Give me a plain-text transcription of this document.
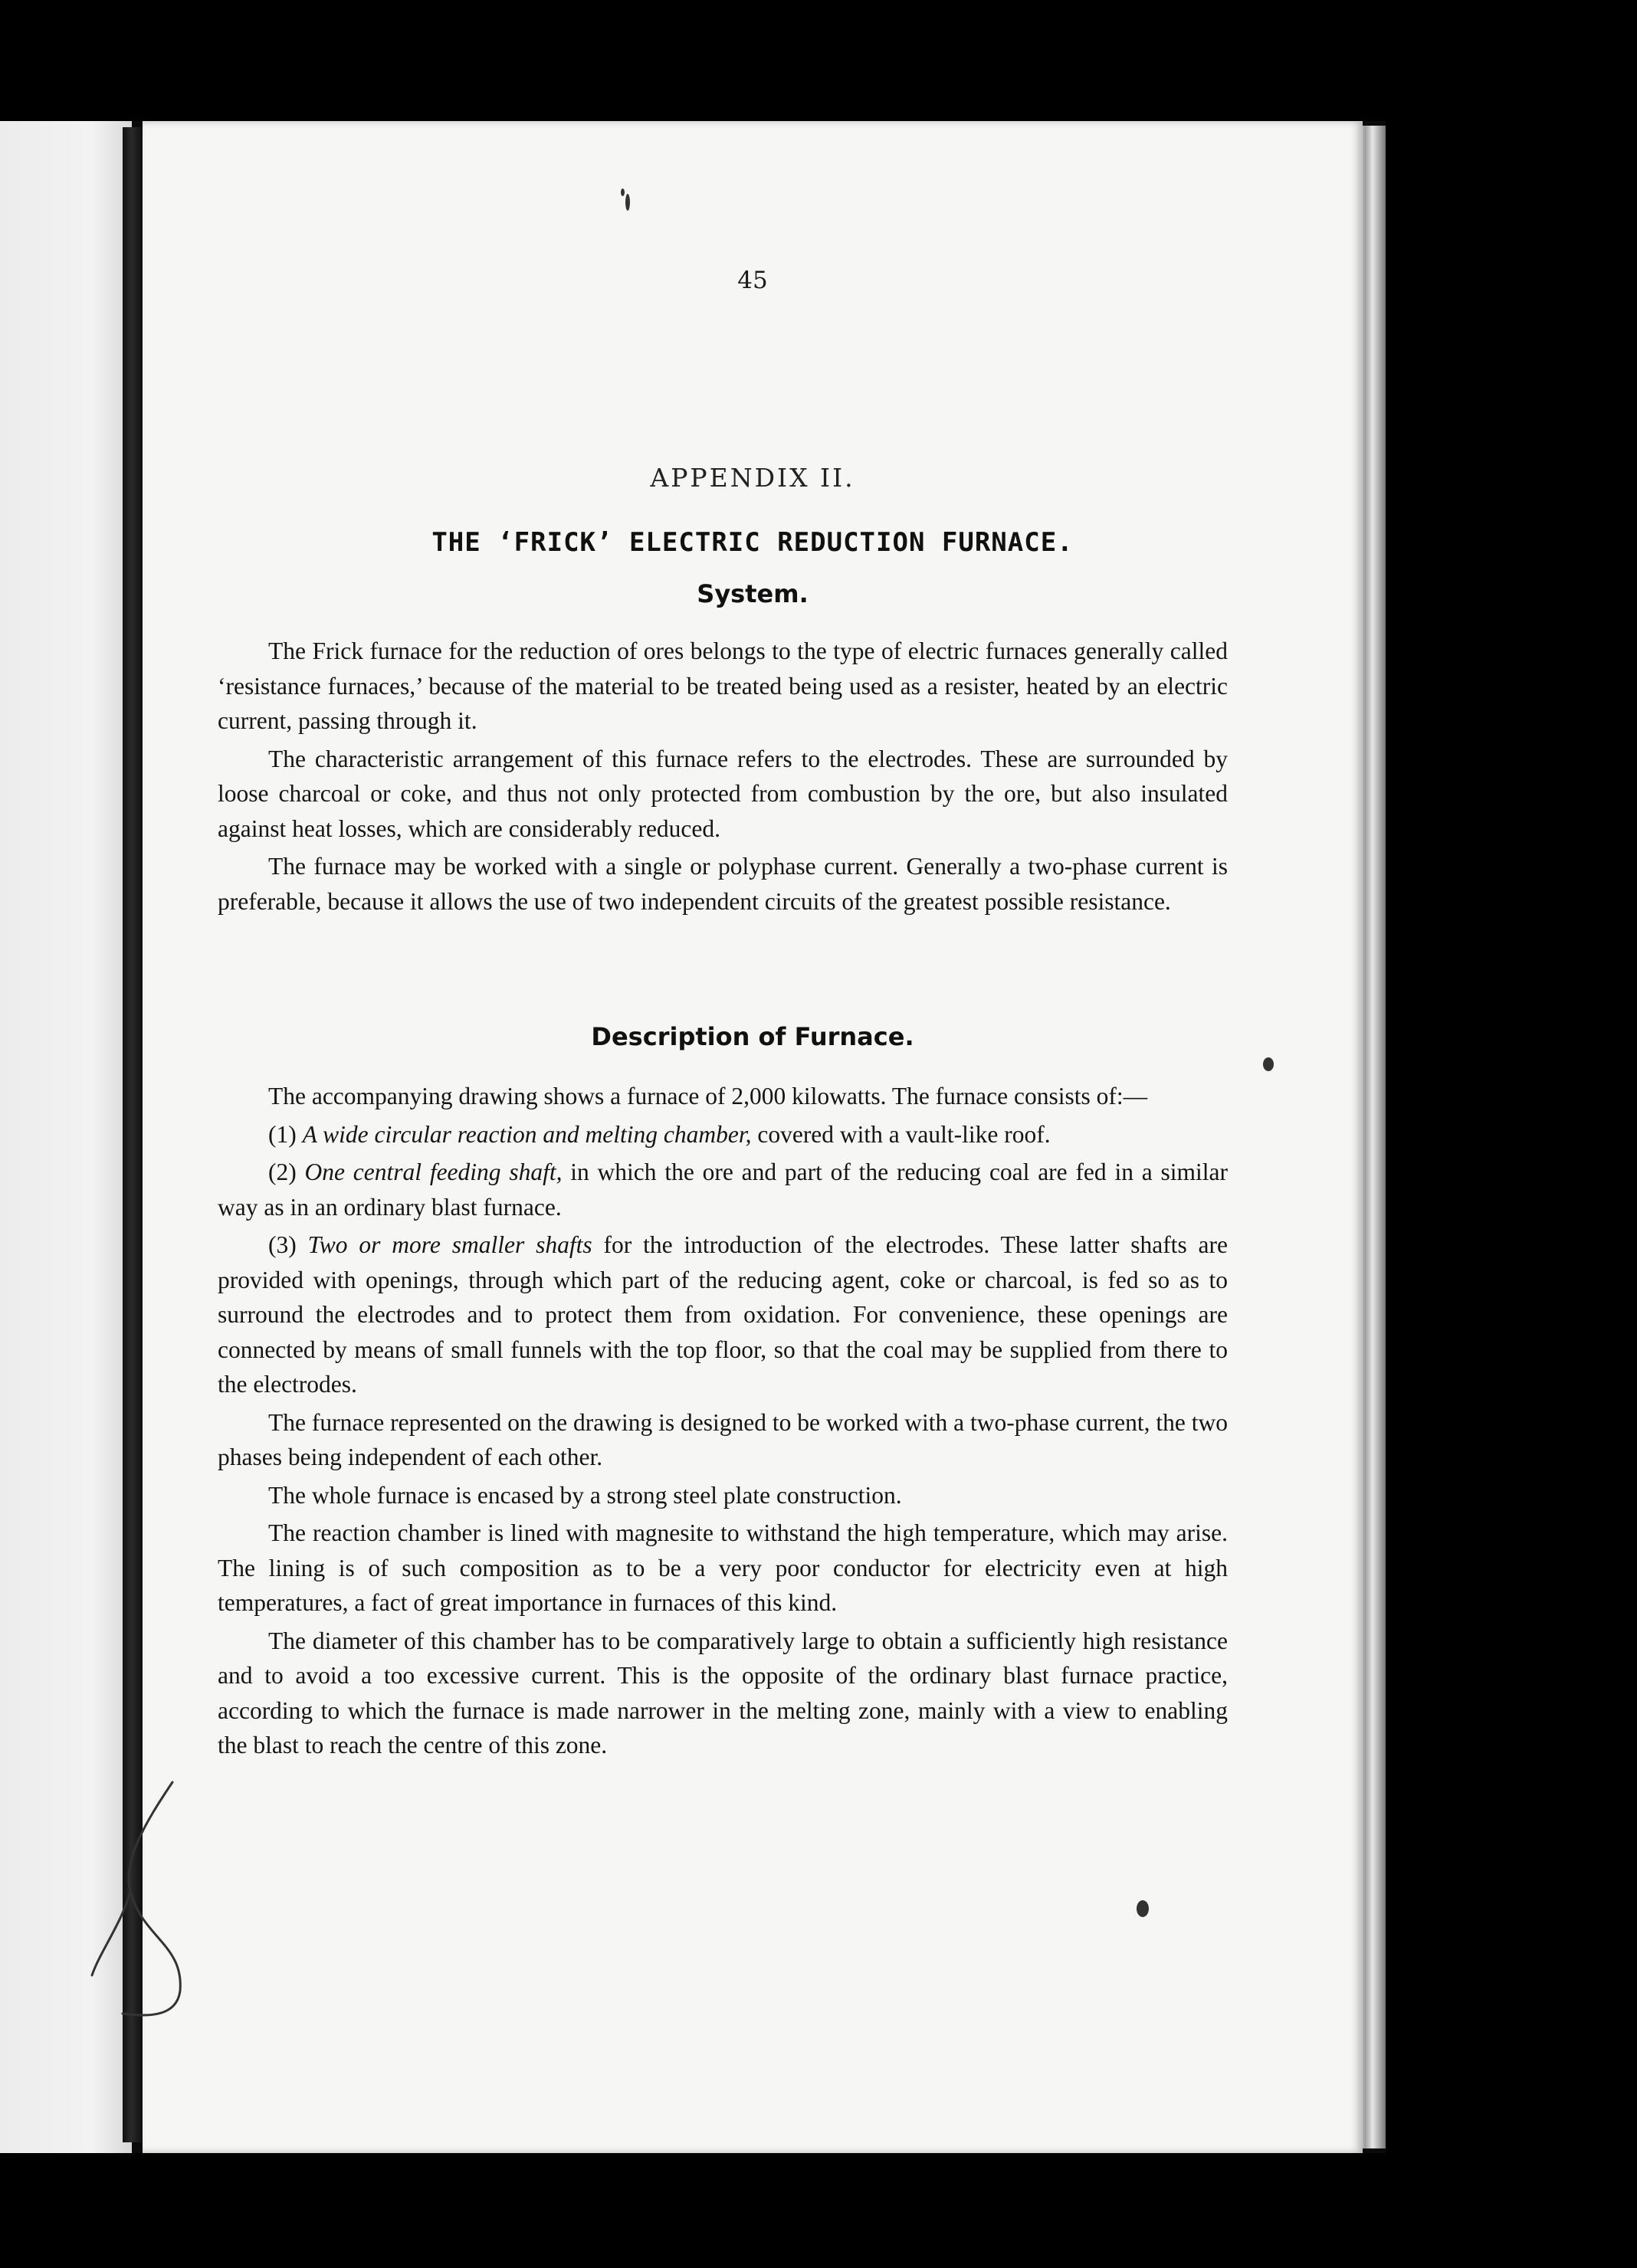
45
APPENDIX II.
THE ‘FRICK’ ELECTRIC REDUCTION FURNACE.
System.

The Frick furnace for the reduction of ores belongs to the type of electric furnaces generally called ‘resistance furnaces,’ because of the material to be treated being used as a resister, heated by an electric current, passing through it.

The characteristic arrangement of this furnace refers to the electrodes. These are surrounded by loose charcoal or coke, and thus not only protected from combustion by the ore, but also insulated against heat losses, which are considerably reduced.

The furnace may be worked with a single or polyphase current. Generally a two-phase current is preferable, because it allows the use of two independent circuits of the greatest possible resistance.

Description of Furnace.

The accompanying drawing shows a furnace of 2,000 kilowatts. The furnace consists of:—

(1) A wide circular reaction and melting chamber, covered with a vault-like roof.

(2) One central feeding shaft, in which the ore and part of the reducing coal are fed in a similar way as in an ordinary blast furnace.

(3) Two or more smaller shafts for the introduction of the electrodes. These latter shafts are provided with openings, through which part of the reducing agent, coke or charcoal, is fed so as to surround the electrodes and to protect them from oxidation. For convenience, these openings are connected by means of small funnels with the top floor, so that the coal may be supplied from there to the electrodes.

The furnace represented on the drawing is designed to be worked with a two-phase current, the two phases being independent of each other.

The whole furnace is encased by a strong steel plate construction.

The reaction chamber is lined with magnesite to withstand the high temperature, which may arise. The lining is of such composition as to be a very poor conductor for electricity even at high temperatures, a fact of great importance in furnaces of this kind.

The diameter of this chamber has to be comparatively large to obtain a sufficiently high resistance and to avoid a too excessive current. This is the opposite of the ordinary blast furnace practice, according to which the furnace is made narrower in the melting zone, mainly with a view to enabling the blast to reach the centre of this zone.
